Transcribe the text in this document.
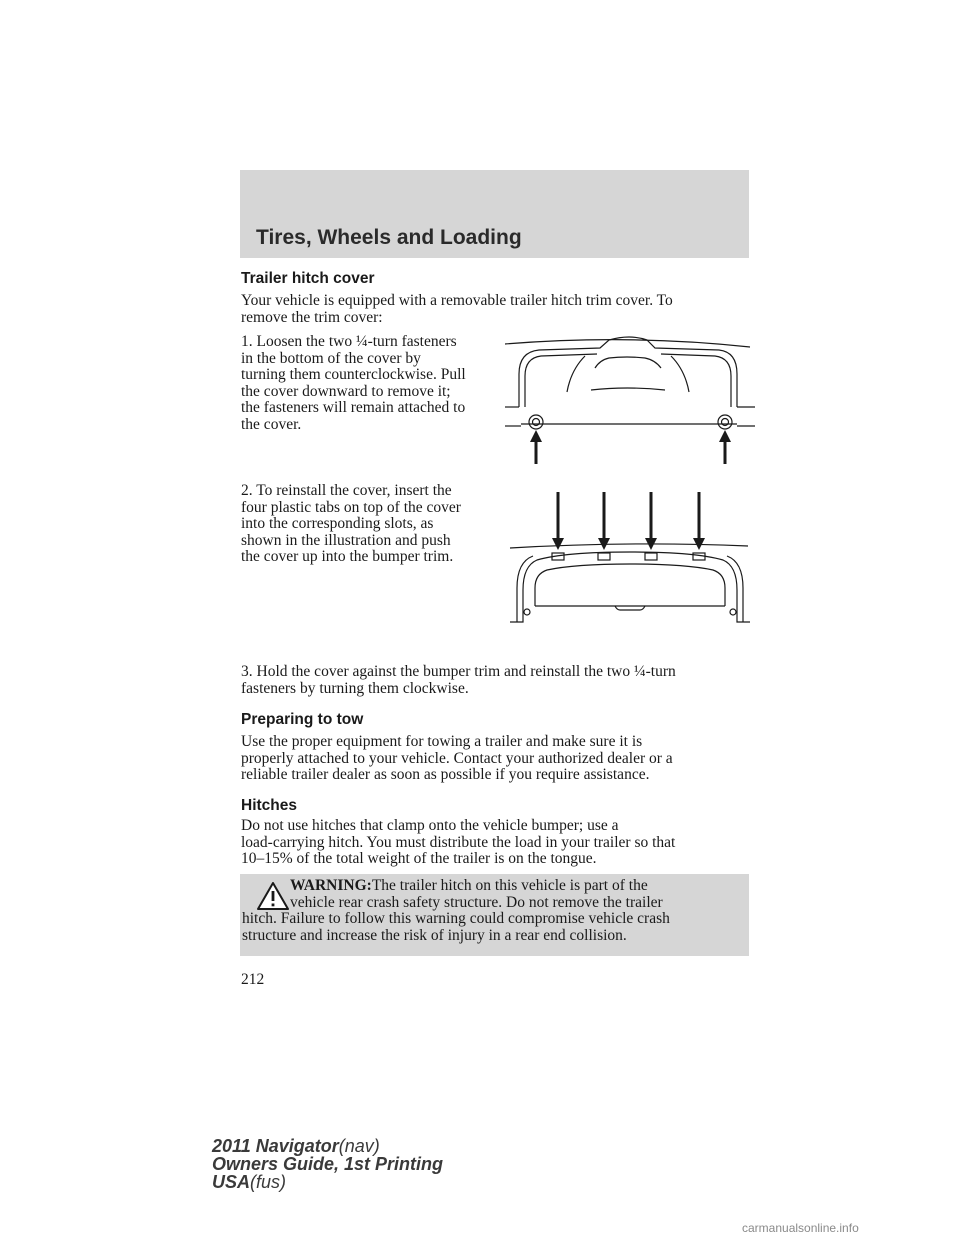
Tires, Wheels and Loading
Trailer hitch cover
Your vehicle is equipped with a removable trailer hitch trim cover. To
remove the trim cover:
1. Loosen the two ¼-turn fasteners
in the bottom of the cover by
turning them counterclockwise. Pull
the cover downward to remove it;
the fasteners will remain attached to
the cover.
2. To reinstall the cover, insert the
four plastic tabs on top of the cover
into the corresponding slots, as
shown in the illustration and push
the cover up into the bumper trim.
3. Hold the cover against the bumper trim and reinstall the two ¼-turn
fasteners by turning them clockwise.
Preparing to tow
Use the proper equipment for towing a trailer and make sure it is
properly attached to your vehicle. Contact your authorized dealer or a
reliable trailer dealer as soon as possible if you require assistance.
Hitches
Do not use hitches that clamp onto the vehicle bumper; use a
load-carrying hitch. You must distribute the load in your trailer so that
10–15% of the total weight of the trailer is on the tongue.
WARNING:The trailer hitch on this vehicle is part of the
vehicle rear crash safety structure. Do not remove the trailer
hitch. Failure to follow this warning could compromise vehicle crash
structure and increase the risk of injury in a rear end collision.
212
2011 Navigator(nav)
Owners Guide, 1st Printing
USA(fus)
carmanualsonline.info
